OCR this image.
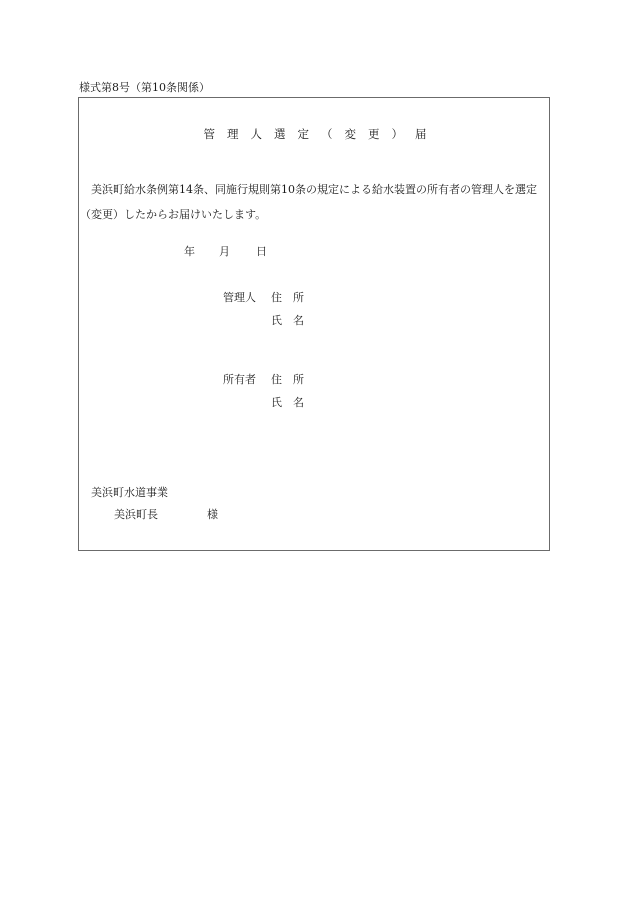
様式第8号（第10条関係）
管理人選定（変更）届
美浜町給水条例第14条、同施行規則第10条の規定による給水装置の所有者の管理人を選定（変更）したからお届けいたします。
年 月 日
管理人 住　所
氏　名
所有者 住　所
氏　名
美浜町水道事業
美浜町長	様
